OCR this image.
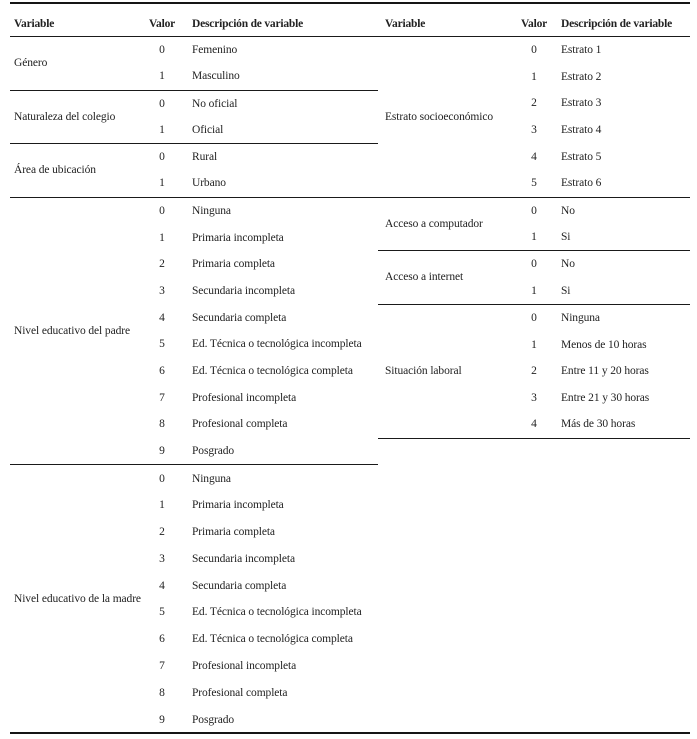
Variable	Valor	Descripción de variable
Género
0	Femenino
1	Masculino
Naturaleza del colegio
0	No oficial
1	Oficial
Área de ubicación
0	Rural
1	Urbano
Nivel educativo del padre
0	Ninguna
1	Primaria incompleta
2	Primaria completa
3	Secundaria incompleta
4	Secundaria completa
5	Ed. Técnica o tecnológica incompleta
6	Ed. Técnica o tecnológica completa
7	Profesional incompleta
8	Profesional completa
9	Posgrado
Nivel educativo de la madre
0	Ninguna
1	Primaria incompleta
2	Primaria completa
3	Secundaria incompleta
4	Secundaria completa
5	Ed. Técnica o tecnológica incompleta
6	Ed. Técnica o tecnológica completa
7	Profesional incompleta
8	Profesional completa
9	Posgrado
Variable	Valor	Descripción de variable
Estrato socioeconómico
0	Estrato 1
1	Estrato 2
2	Estrato 3
3	Estrato 4
4	Estrato 5
5	Estrato 6
Acceso a computador
0	No
1	Si
Acceso a internet
0	No
1	Si
Situación laboral
0	Ninguna
1	Menos de 10 horas
2	Entre 11 y 20 horas
3	Entre 21 y 30 horas
4	Más de 30 horas
